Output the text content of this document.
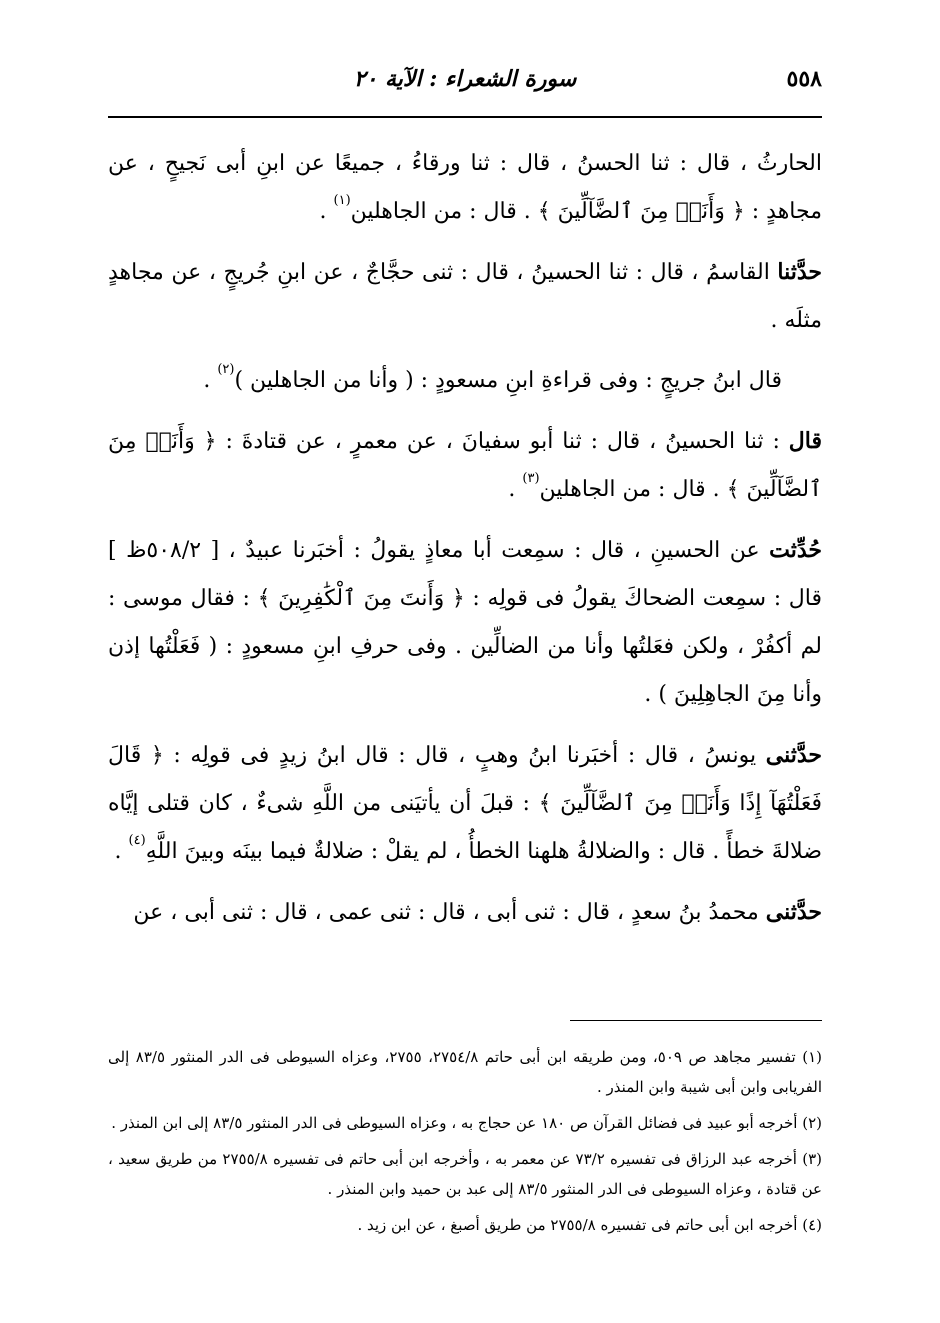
٥٥٨
سورة الشعراء : الآية ٢٠

الحارثُ ، قال : ثنا الحسنُ ، قال : ثنا ورقاءُ ، جميعًا عن ابنِ أبى نَجيحٍ ، عن مجاهدٍ : ﴿ وَأَنَا۠ مِنَ ٱلضَّآلِّينَ ﴾ . قال : من الجاهلين$^{(١)}$ .

حدَّثنا القاسمُ ، قال : ثنا الحسينُ ، قال : ثنى حجَّاجٌ ، عن ابنِ جُريجٍ ، عن مجاهدٍ مثلَه .

قال ابنُ جريجٍ : وفى قراءةِ ابنِ مسعودٍ : ( وأنا من الجاهلين )$^{(٢)}$ .

قال : ثنا الحسينُ ، قال : ثنا أبو سفيانَ ، عن معمرٍ ، عن قتادةَ : ﴿ وَأَنَا۠ مِنَ ٱلضَّآلِّينَ ﴾ . قال : من الجاهلين$^{(٣)}$ .

حُدِّثت عن الحسينِ ، قال : سمِعت أبا معاذٍ يقولُ : أخبَرنا عبيدٌ ، [ ٥٠٨/٢ظ ] قال : سمِعت الضحاكَ يقولُ فى قولِه : ﴿ وَأَنتَ مِنَ ٱلْكَٰفِرِينَ ﴾ : فقال موسى : لم أكفُرْ ، ولكن فعَلتُها وأنا من الضالِّين . وفى حرفِ ابنِ مسعودٍ : ( فَعَلْتُها إذن وأنا مِنَ الجاهِلِينَ ) .

حدَّثنى يونسُ ، قال : أخبَرنا ابنُ وهبٍ ، قال : قال ابنُ زيدٍ فى قولِه : ﴿ قَالَ فَعَلْتُهَآ إِذًا وَأَنَا۠ مِنَ ٱلضَّآلِّينَ ﴾ : قبلَ أن يأتيَنى من اللَّهِ شىءٌ ، كان قتلى إيَّاه ضلالةَ خطأً . قال : والضلالةُ هلهنا الخطأُ ، لم يقلْ : ضلالةٌ فيما بينَه وبينَ اللَّهِ$^{(٤)}$ .

حدَّثنى محمدُ بنُ سعدٍ ، قال : ثنى أبى ، قال : ثنى عمى ، قال : ثنى أبى ، عن

(١) تفسير مجاهد ص ٥٠٩، ومن طريقه ابن أبى حاتم ٢٧٥٤/٨، ٢٧٥٥، وعزاه السيوطى فى الدر المنثور ٨٣/٥ إلى الفريابى وابن أبى شيبة وابن المنذر .

(٢) أخرجه أبو عبيد فى فضائل القرآن ص ١٨٠ عن حجاج به ، وعزاه السيوطى فى الدر المنثور ٨٣/٥ إلى ابن المنذر .

(٣) أخرجه عبد الرزاق فى تفسيره ٧٣/٢ عن معمر به ، وأخرجه ابن أبى حاتم فى تفسيره ٢٧٥٥/٨ من طريق سعيد ، عن قتادة ، وعزاه السيوطى فى الدر المنثور ٨٣/٥ إلى عبد بن حميد وابن المنذر .

(٤) أخرجه ابن أبى حاتم فى تفسيره ٢٧٥٥/٨ من طريق أصبغ ، عن ابن زيد .
